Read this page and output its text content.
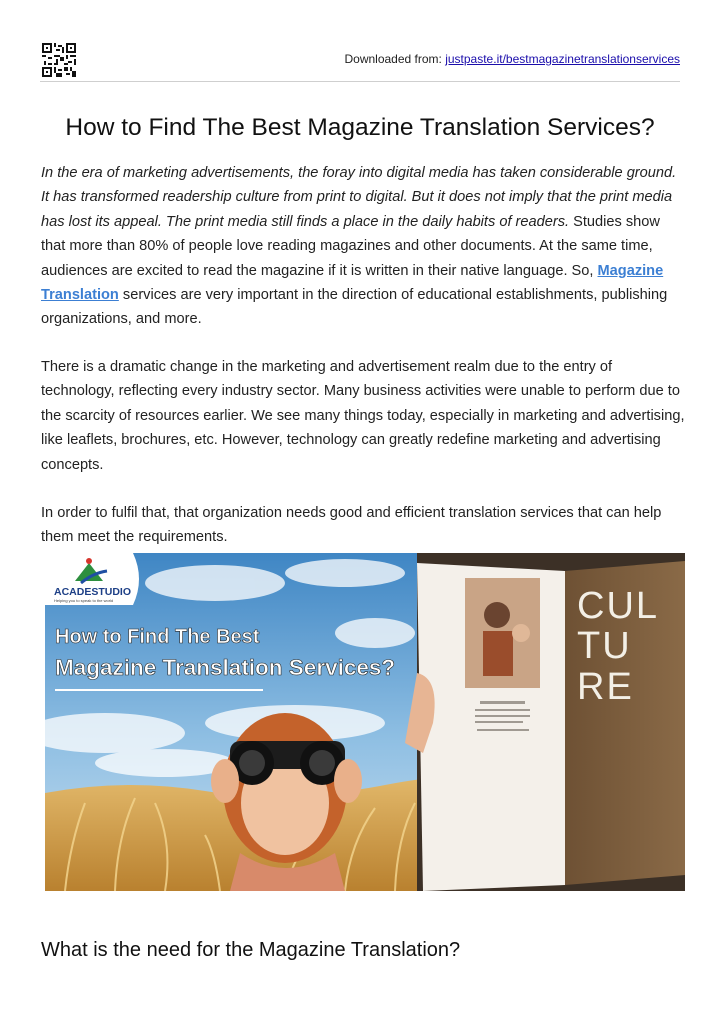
Downloaded from: justpaste.it/bestmagazinetranslationservices
How to Find The Best Magazine Translation Services?

In the era of marketing advertisements, the foray into digital media has taken considerable ground. It has transformed readership culture from print to digital. But it does not imply that the print media has lost its appeal. The print media still finds a place in the daily habits of readers. Studies show that more than 80% of people love reading magazines and other documents. At the same time, audiences are excited to read the magazine if it is written in their native language. So, Magazine Translation services are very important in the direction of educational establishments, publishing organizations, and more.

There is a dramatic change in the marketing and advertisement realm due to the entry of technology, reflecting every industry sector. Many business activities were unable to perform due to the scarcity of resources earlier. We see many things today, especially in marketing and advertising, like leaflets, brochures, etc. However, technology can greatly redefine marketing and advertising concepts.

In order to fulfil that, that organization needs good and efficient translation services that can help them meet the requirements.

CUL
TU
RE
ACADESTUDIO
Helping you to speak to the world
How to Find The Best
Magazine Translation Services?
What is the need for the Magazine Translation?
